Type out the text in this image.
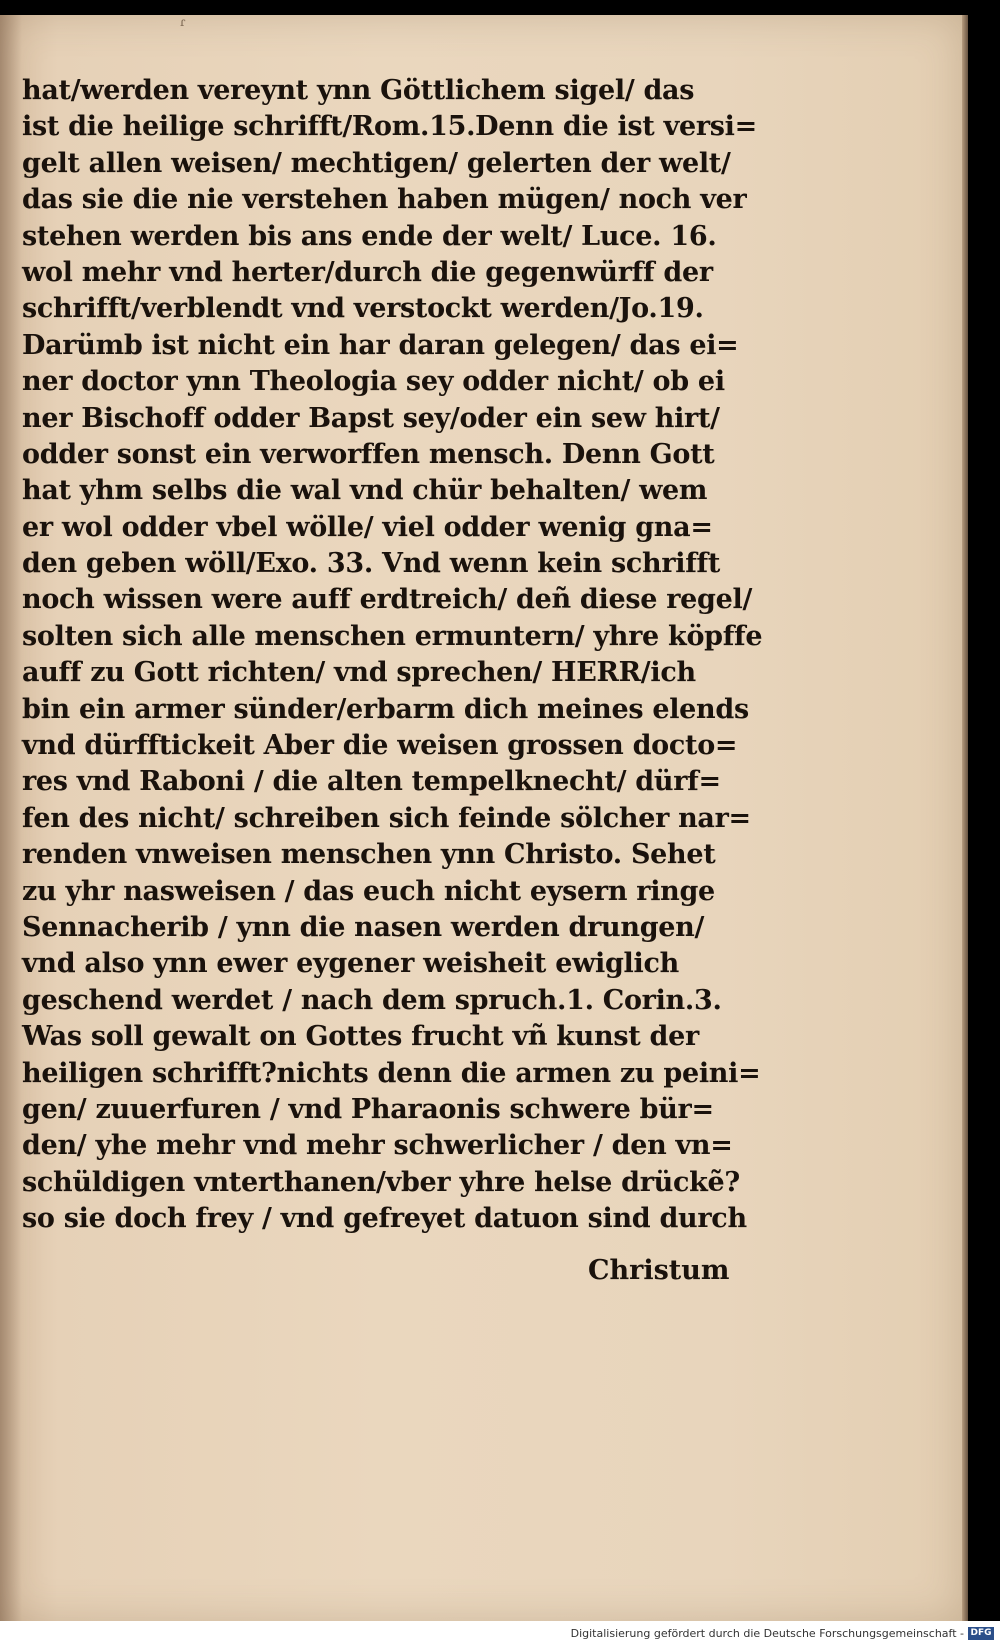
ɾ
hat/werden vereynt ynn Göttlichem sigel/ das
ist die heilige schrifft/Rom.15.Denn die ist versi=
gelt allen weisen/ mechtigen/ gelerten der welt/
das sie die nie verstehen haben mügen/ noch ver
stehen werden bis ans ende der welt/ Luce. 16.
wol mehr vnd herter/durch die gegenwürff der
schrifft/verblendt vnd verstockt werden/Jo.19.
Darümb ist nicht ein har daran gelegen/ das ei=
ner doctor ynn Theologia sey odder nicht/ ob ei
ner Bischoff odder Bapst sey/oder ein sew hirt/
odder sonst ein verworffen mensch. Denn Gott
hat yhm selbs die wal vnd chür behalten/ wem
er wol odder vbel wölle/ viel odder wenig gna=
den geben wöll/Exo. 33. Vnd wenn kein schrifft
noch wissen were auff erdtreich/ deñ diese regel/
solten sich alle menschen ermuntern/ yhre köpffe
auff zu Gott richten/ vnd sprechen/ HERR/ich
bin ein armer sünder/erbarm dich meines elends
vnd dürfftickeit Aber die weisen grossen docto=
res vnd Raboni / die alten tempelknecht/ dürf=
fen des nicht/ schreiben sich feinde sölcher nar=
renden vnweisen menschen ynn Christo. Sehet
zu yhr nasweisen / das euch nicht eysern ringe
Sennacherib / ynn die nasen werden drungen/
vnd also ynn ewer eygener weisheit ewiglich
geschend werdet / nach dem spruch.1. Corin.3.
Was soll gewalt on Gottes frucht vñ kunst der
heiligen schrifft?nichts denn die armen zu peini=
gen/ zuuerfuren / vnd Pharaonis schwere bür=
den/ yhe mehr vnd mehr schwerlicher / den vn=
schüldigen vnterthanen/vber yhre helse drückẽ?
so sie doch frey / vnd gefreyet datuon sind durch
Christum
Digitalisierung gefördert durch die Deutsche Forschungsgemeinschaft - DFG
